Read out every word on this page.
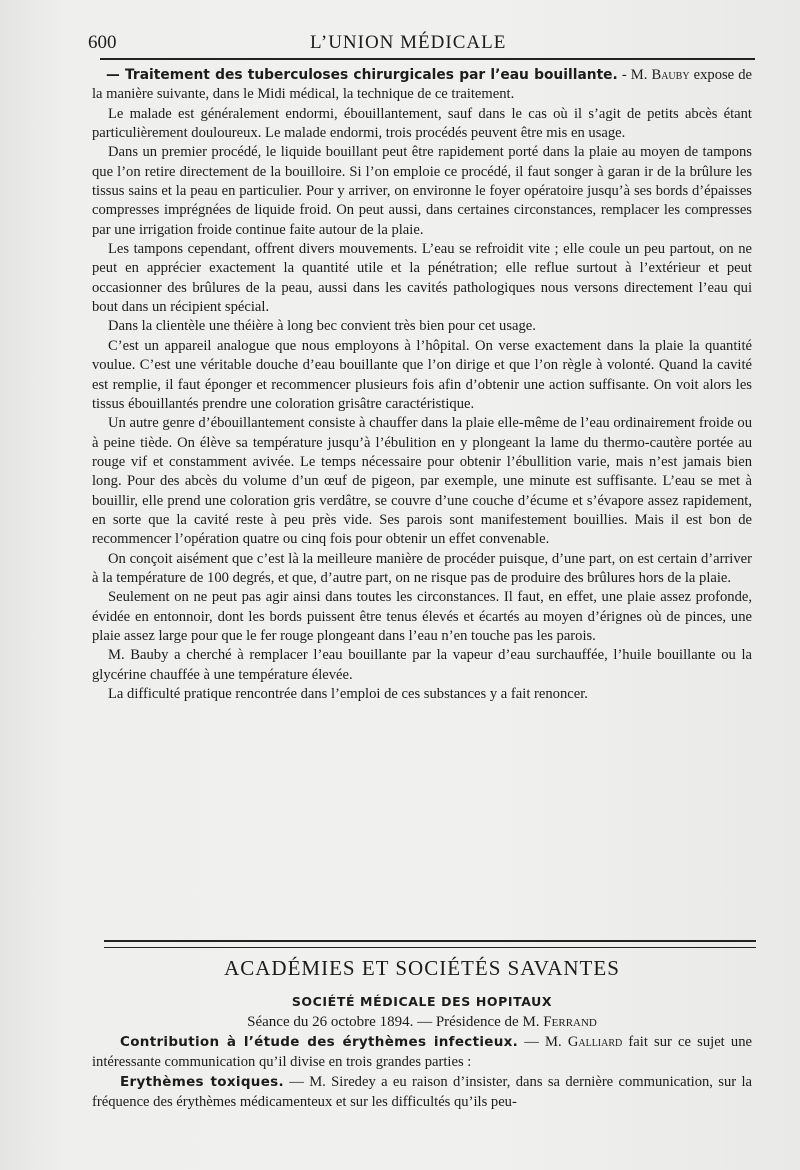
600	L’UNION MÉDICALE

— Traitement des tuberculoses chirurgicales par l’eau bouillante. - M. Bauby expose de la manière suivante, dans le Midi médical, la technique de ce traitement.

Le malade est généralement endormi, ébouillantement, sauf dans le cas où il s’agit de petits abcès étant particulièrement douloureux. Le malade endormi, trois procédés peuvent être mis en usage.

Dans un premier procédé, le liquide bouillant peut être rapidement porté dans la plaie au moyen de tampons que l’on retire directement de la bouilloire. Si l’on emploie ce procédé, il faut songer à garan ir de la brûlure les tissus sains et la peau en particulier. Pour y arriver, on environne le foyer opératoire jusqu’à ses bords d’épaisses compresses imprégnées de liquide froid. On peut aussi, dans certaines circonstances, remplacer les compresses par une irrigation froide continue faite autour de la plaie.

Les tampons cependant, offrent divers mouvements. L’eau se refroidit vite ; elle coule un peu partout, on ne peut en apprécier exactement la quantité utile et la pénétration; elle reflue surtout à l’extérieur et peut occasionner des brûlures de la peau, aussi dans les cavités pathologiques nous versons directement l’eau qui bout dans un récipient spécial.

Dans la clientèle une théière à long bec convient très bien pour cet usage.

C’est un appareil analogue que nous employons à l’hôpital. On verse exactement dans la plaie la quantité voulue. C’est une véritable douche d’eau bouillante que l’on dirige et que l’on règle à volonté. Quand la cavité est remplie, il faut éponger et recommencer plusieurs fois afin d’obtenir une action suffisante. On voit alors les tissus ébouillantés prendre une coloration grisâtre caractéristique.

Un autre genre d’ébouillantement consiste à chauffer dans la plaie elle-même de l’eau ordinairement froide ou à peine tiède. On élève sa température jusqu’à l’ébulition en y plongeant la lame du thermo-cautère portée au rouge vif et constamment avivée. Le temps nécessaire pour obtenir l’ébullition varie, mais n’est jamais bien long. Pour des abcès du volume d’un œuf de pigeon, par exemple, une minute est suffisante. L’eau se met à bouillir, elle prend une coloration gris verdâtre, se couvre d’une couche d’écume et s’évapore assez rapidement, en sorte que la cavité reste à peu près vide. Ses parois sont manifestement bouillies. Mais il est bon de recommencer l’opération quatre ou cinq fois pour obtenir un effet convenable.

On conçoit aisément que c’est là la meilleure manière de procéder puisque, d’une part, on est certain d’arriver à la température de 100 degrés, et que, d’autre part, on ne risque pas de produire des brûlures hors de la plaie.

Seulement on ne peut pas agir ainsi dans toutes les circonstances. Il faut, en effet, une plaie assez profonde, évidée en entonnoir, dont les bords puissent être tenus élevés et écartés au moyen d’érignes où de pinces, une plaie assez large pour que le fer rouge plongeant dans l’eau n’en touche pas les parois.

M. Bauby a cherché à remplacer l’eau bouillante par la vapeur d’eau surchauffée, l’huile bouillante ou la glycérine chauffée à une température élevée.

La difficulté pratique rencontrée dans l’emploi de ces substances y a fait renoncer.

ACADÉMIES ET SOCIÉTÉS SAVANTES

SOCIÉTÉ MÉDICALE DES HOPITAUX

Séance du 26 octobre 1894. — Présidence de M. Ferrand

Contribution à l’étude des érythèmes infectieux. — M. Galliard fait sur ce sujet une intéressante communication qu’il divise en trois grandes parties :

Erythèmes toxiques. — M. Siredey a eu raison d’insister, dans sa dernière communication, sur la fréquence des érythèmes médicamenteux et sur les difficultés qu’ils peu-
